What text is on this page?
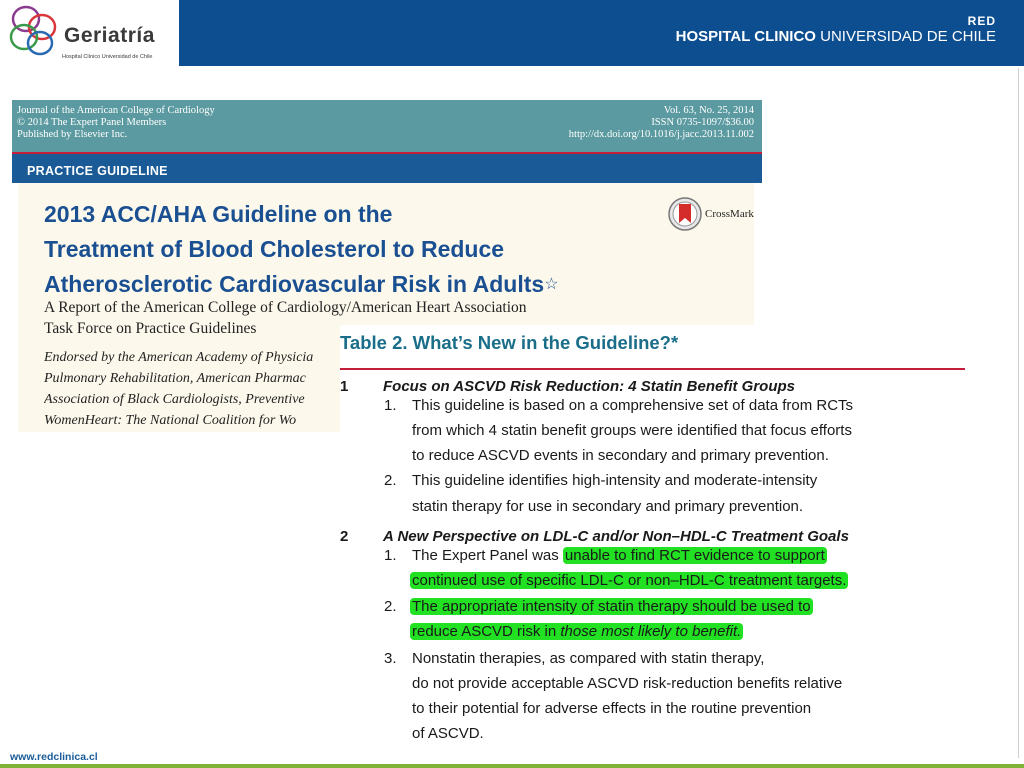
Geriatría
Hospital Clínico Universidad de Chile
RED
HOSPITAL CLINICO UNIVERSIDAD DE CHILE
Journal of the American College of Cardiology
© 2014 The Expert Panel Members
Published by Elsevier Inc.
Vol. 63, No. 25, 2014
ISSN 0735-1097/$36.00
http://dx.doi.org/10.1016/j.jacc.2013.11.002
PRACTICE GUIDELINE
2013 ACC/AHA Guideline on the
Treatment of Blood Cholesterol to Reduce
Atherosclerotic Cardiovascular Risk in Adults☆
CrossMark
A Report of the American College of Cardiology/American Heart Association
Task Force on Practice Guidelines
Endorsed by the American Academy of Physicia
Pulmonary Rehabilitation, American Pharmac
Association of Black Cardiologists, Preventive
WomenHeart: The National Coalition for Wo
Table 2. What’s New in the Guideline?*
1 Focus on ASCVD Risk Reduction: 4 Statin Benefit Groups
1. This guideline is based on a comprehensive set of data from RCTs
from which 4 statin benefit groups were identified that focus efforts
to reduce ASCVD events in secondary and primary prevention.
2. This guideline identifies high-intensity and moderate-intensity
statin therapy for use in secondary and primary prevention.
2 A New Perspective on LDL-C and/or Non–HDL-C Treatment Goals
1. The Expert Panel was unable to find RCT evidence to support
continued use of specific LDL-C or non–HDL-C treatment targets.
2. The appropriate intensity of statin therapy should be used to
reduce ASCVD risk in those most likely to benefit.
3. Nonstatin therapies, as compared with statin therapy,
do not provide acceptable ASCVD risk-reduction benefits relative
to their potential for adverse effects in the routine prevention
of ASCVD.
www.redclinica.cl
